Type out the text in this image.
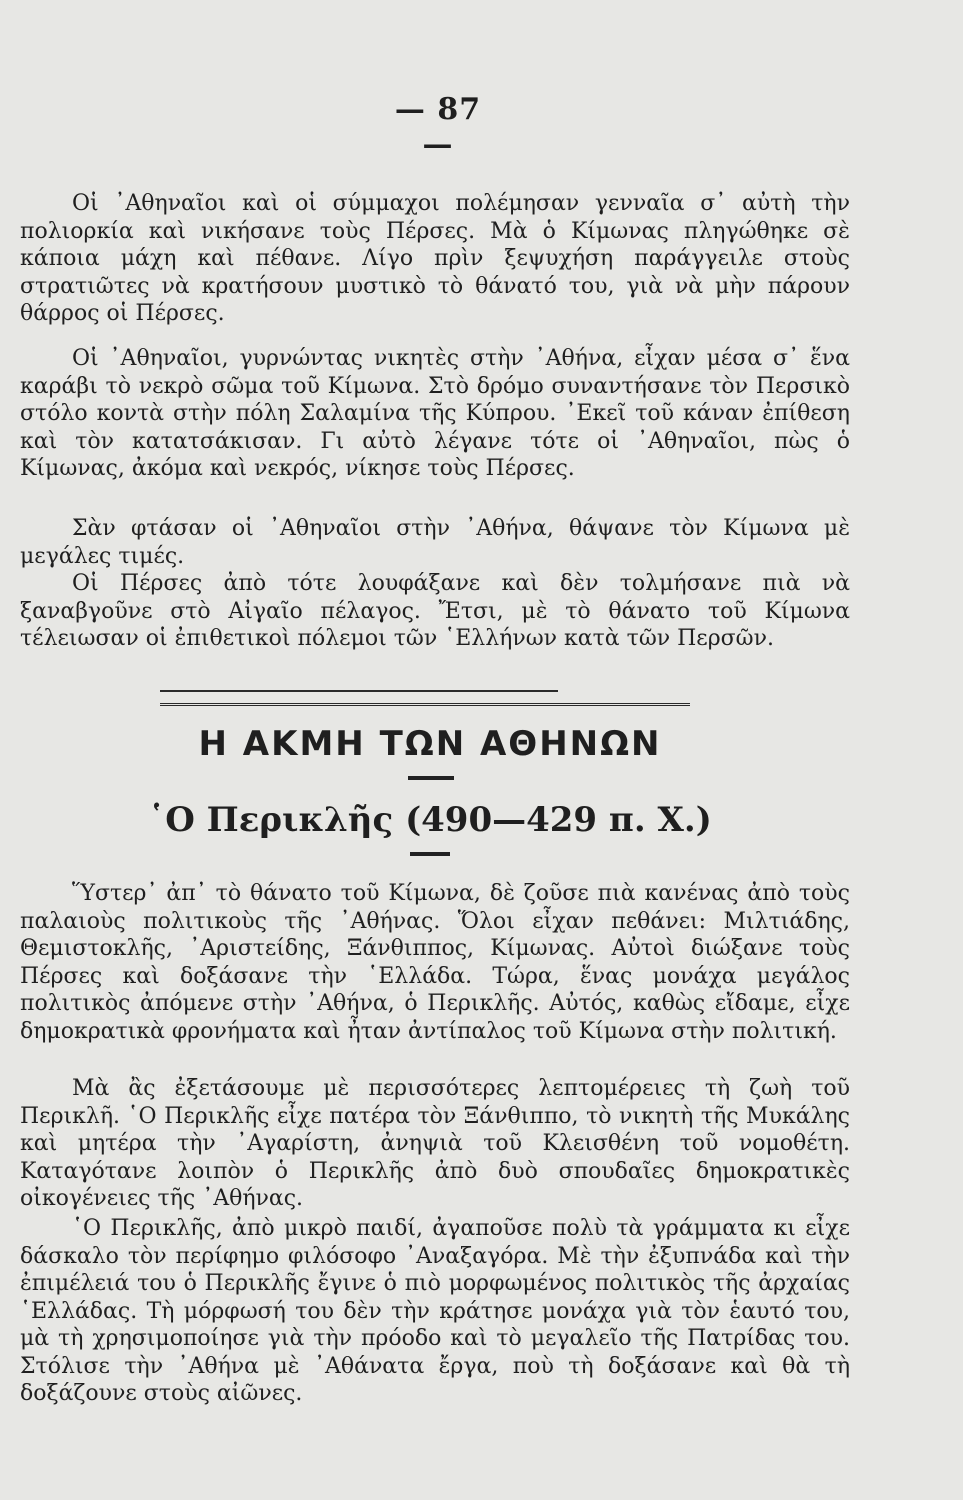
— 87 —

Οἱ ᾿Αθηναῖοι καὶ οἱ σύμμαχοι πολέμησαν γενναῖα σ᾿ αὐτὴ τὴν πολιορκία καὶ νικήσανε τοὺς Πέρσες. Μὰ ὁ Κίμωνας πληγώθηκε σὲ κάποια μάχη καὶ πέθανε. Λίγο πρὶν ξεψυχήση παράγγειλε στοὺς στρατιῶτες νὰ κρατήσουν μυστικὸ τὸ θάνατό του, γιὰ νὰ μὴν πάρουν θάρρος οἱ Πέρσες.

Οἱ ᾿Αθηναῖοι, γυρνώντας νικητὲς στὴν ᾿Αθήνα, εἶχαν μέσα σ᾿ ἕνα καράβι τὸ νεκρὸ σῶμα τοῦ Κίμωνα. Στὸ δρόμο συναντήσανε τὸν Περσικὸ στόλο κοντὰ στὴν πόλη Σαλαμίνα τῆς Κύπρου. ᾿Εκεῖ τοῦ κάναν ἐπίθεση καὶ τὸν κατατσάκισαν. Γι αὐτὸ λέγανε τότε οἱ ᾿Αθηναῖοι, πὼς ὁ Κίμωνας, ἀκόμα καὶ νεκρός, νίκησε τοὺς Πέρσες.

Σὰν φτάσαν οἱ ᾿Αθηναῖοι στὴν ᾿Αθήνα, θάψανε τὸν Κίμωνα μὲ μεγάλες τιμές.

Οἱ Πέρσες ἀπὸ τότε λουφάξανε καὶ δὲν τολμήσανε πιὰ νὰ ξαναβγοῦνε στὸ Αἰγαῖο πέλαγος. Ἔτσι, μὲ τὸ θάνατο τοῦ Κίμωνα τέλειωσαν οἱ ἐπιθετικοὶ πόλεμοι τῶν ῾Ελλήνων κατὰ τῶν Περσῶν.

Η ΑΚΜΗ ΤΩΝ ΑΘΗΝΩΝ
῾Ο Περικλῆς (490—429 π. Χ.)

Ὕστερ᾿ ἀπ᾿ τὸ θάνατο τοῦ Κίμωνα, δὲ ζοῦσε πιὰ κανένας ἀπὸ τοὺς παλαιοὺς πολιτικοὺς τῆς ᾿Αθήνας. Ὅλοι εἶχαν πεθάνει: Μιλτιάδης, Θεμιστοκλῆς, ᾿Αριστείδης, Ξάνθιππος, Κίμωνας. Αὐτοὶ διώξανε τοὺς Πέρσες καὶ δοξάσανε τὴν ῾Ελλάδα. Τώρα, ἕνας μονάχα μεγάλος πολιτικὸς ἀπόμενε στὴν ᾿Αθήνα, ὁ Περικλῆς. Αὐτός, καθὼς εἴδαμε, εἶχε δημοκρατικὰ φρονήματα καὶ ἦταν ἀντίπαλος τοῦ Κίμωνα στὴν πολιτική.

Μὰ ἂς ἐξετάσουμε μὲ περισσότερες λεπτομέρειες τὴ ζωὴ τοῦ Περικλῆ. ῾Ο Περικλῆς εἶχε πατέρα τὸν Ξάνθιππο, τὸ νικητὴ τῆς Μυκάλης καὶ μητέρα τὴν ᾿Αγαρίστη, ἀνηψιὰ τοῦ Κλεισθένη τοῦ νομοθέτη. Καταγότανε λοιπὸν ὁ Περικλῆς ἀπὸ δυὸ σπουδαῖες δημοκρατικὲς οἰκογένειες τῆς ᾿Αθήνας.

῾Ο Περικλῆς, ἀπὸ μικρὸ παιδί, ἀγαποῦσε πολὺ τὰ γράμματα κι εἶχε δάσκαλο τὸν περίφημο φιλόσοφο ᾿Αναξαγόρα. Μὲ τὴν ἐξυπνάδα καὶ τὴν ἐπιμέλειά του ὁ Περικλῆς ἔγινε ὁ πιὸ μορφωμένος πολιτικὸς τῆς ἀρχαίας ῾Ελλάδας. Τὴ μόρφωσή του δὲν τὴν κράτησε μονάχα γιὰ τὸν ἑαυτό του, μὰ τὴ χρησιμοποίησε γιὰ τὴν πρόοδο καὶ τὸ μεγαλεῖο τῆς Πατρίδας του. Στόλισε τὴν ᾿Αθήνα μὲ ᾿Αθάνατα ἔργα, ποὺ τὴ δοξάσανε καὶ θὰ τὴ δοξάζουνε στοὺς αἰῶνες.
